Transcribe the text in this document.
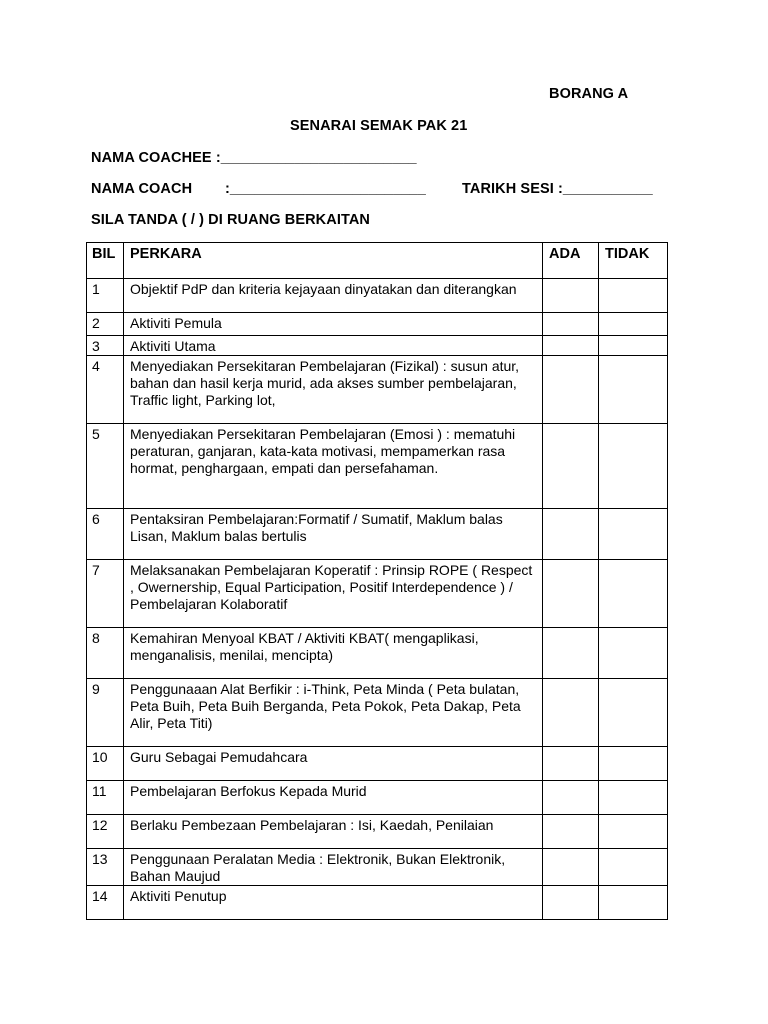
BORANG A
SENARAI SEMAK PAK 21
NAMA COACHEE :________________________
NAMA COACH :________________________ TARIKH SESI :___________
SILA TANDA ( / ) DI RUANG BERKAITAN
BIL	PERKARA	ADA	TIDAK
1	Objektif PdP dan kriteria kejayaan dinyatakan dan diterangkan		
2	Aktiviti Pemula		
3	Aktiviti Utama		
4	Menyediakan Persekitaran Pembelajaran (Fizikal) : susun atur, bahan dan hasil kerja murid, ada akses sumber pembelajaran, Traffic light, Parking lot,		
5	Menyediakan Persekitaran Pembelajaran (Emosi ) : mematuhi peraturan, ganjaran, kata-kata motivasi, mempamerkan rasa hormat, penghargaan, empati dan persefahaman.		
6	Pentaksiran Pembelajaran:Formatif / Sumatif, Maklum balas Lisan, Maklum balas bertulis		
7	Melaksanakan Pembelajaran Koperatif : Prinsip ROPE ( Respect , Owernership, Equal Participation, Positif Interdependence ) / Pembelajaran Kolaboratif		
8	Kemahiran Menyoal KBAT / Aktiviti KBAT( mengaplikasi, menganalisis, menilai, mencipta)		
9	Penggunaaan Alat Berfikir : i-Think, Peta Minda ( Peta bulatan, Peta Buih, Peta Buih Berganda, Peta Pokok, Peta Dakap, Peta Alir, Peta Titi)		
10	Guru Sebagai Pemudahcara		
11	Pembelajaran Berfokus Kepada Murid		
12	Berlaku Pembezaan Pembelajaran : Isi, Kaedah, Penilaian		
13	Penggunaan Peralatan Media : Elektronik, Bukan Elektronik, Bahan Maujud		
14	Aktiviti Penutup		
